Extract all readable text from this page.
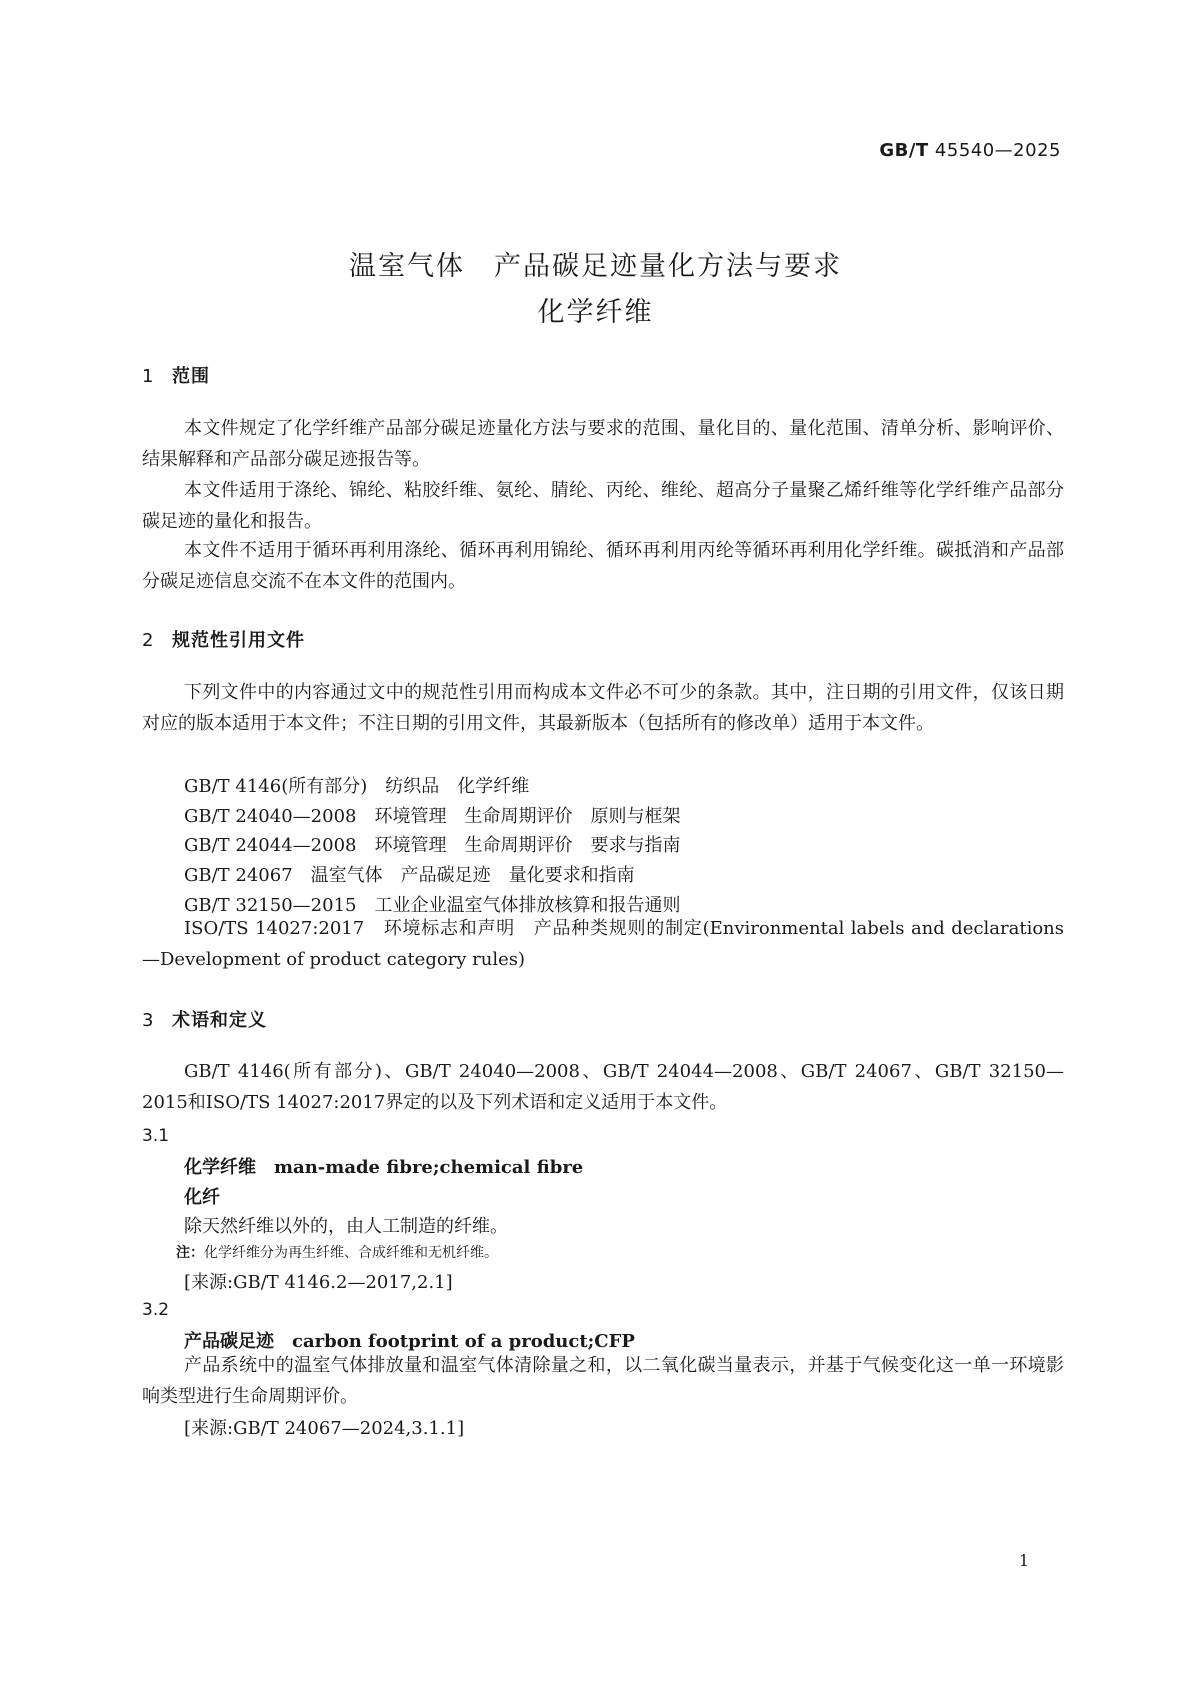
GB/T 45540—2025
温室气体　产品碳足迹量化方法与要求
化学纤维
1 范围
本文件规定了化学纤维产品部分碳足迹量化方法与要求的范围、量化目的、量化范围、清单分析、影响评价、结果解释和产品部分碳足迹报告等。
本文件适用于涤纶、锦纶、粘胶纤维、氨纶、腈纶、丙纶、维纶、超高分子量聚乙烯纤维等化学纤维产品部分碳足迹的量化和报告。
本文件不适用于循环再利用涤纶、循环再利用锦纶、循环再利用丙纶等循环再利用化学纤维。碳抵消和产品部分碳足迹信息交流不在本文件的范围内。
2 规范性引用文件
下列文件中的内容通过文中的规范性引用而构成本文件必不可少的条款。其中，注日期的引用文件，仅该日期对应的版本适用于本文件；不注日期的引用文件，其最新版本（包括所有的修改单）适用于本文件。
GB/T 4146(所有部分)　纺织品　化学纤维
GB/T 24040—2008　环境管理　生命周期评价　原则与框架
GB/T 24044—2008　环境管理　生命周期评价　要求与指南
GB/T 24067　温室气体　产品碳足迹　量化要求和指南
GB/T 32150—2015　工业企业温室气体排放核算和报告通则
ISO/TS 14027:2017　环境标志和声明　产品种类规则的制定(Environmental labels and declarations—Development of product category rules)
3 术语和定义
GB/T 4146(所有部分)、GB/T 24040—2008、GB/T 24044—2008、GB/T 24067、GB/T 32150—2015和ISO/TS 14027:2017界定的以及下列术语和定义适用于本文件。
3.1
化学纤维　 man-made fibre;chemical fibre
化纤
除天然纤维以外的，由人工制造的纤维。
注：化学纤维分为再生纤维、合成纤维和无机纤维。
[来源:GB/T 4146.2—2017,2.1]
3.2
产品碳足迹　 carbon footprint of a product;CFP
产品系统中的温室气体排放量和温室气体清除量之和，以二氧化碳当量表示，并基于气候变化这一单一环境影响类型进行生命周期评价。
[来源:GB/T 24067—2024,3.1.1]
1
